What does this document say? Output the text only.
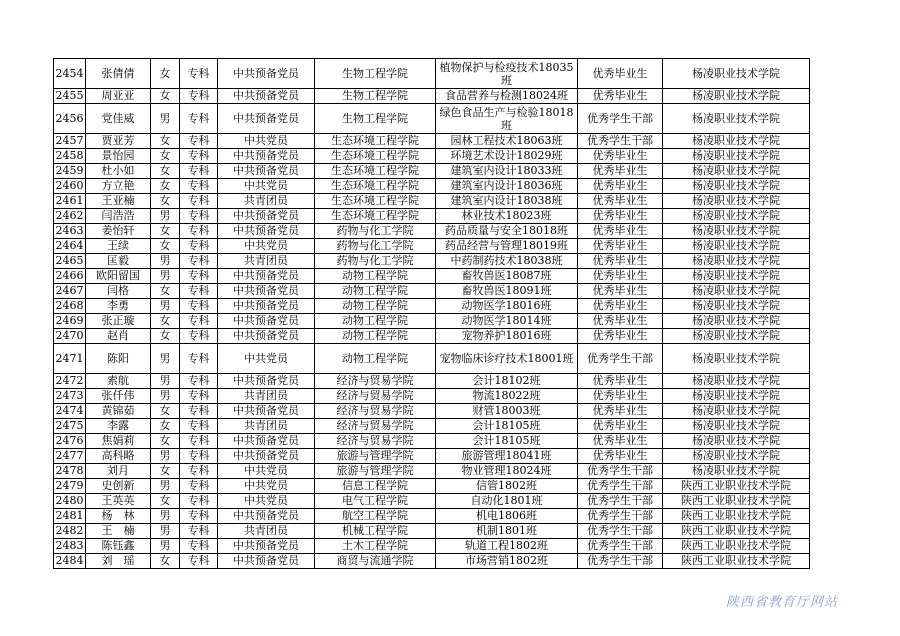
2454	张倩倩	女	专科	中共预备党员	生物工程学院	植物保护与检疫技术18035班	优秀毕业生	杨凌职业技术学院
2455	周亚亚	女	专科	中共预备党员	生物工程学院	食品营养与检测18024班	优秀毕业生	杨凌职业技术学院
2456	党佳威	男	专科	中共预备党员	生物工程学院	绿色食品生产与检验18018班	优秀学生干部	杨凌职业技术学院
2457	贾亚芳	女	专科	中共党员	生态环境工程学院	园林工程技术18063班	优秀学生干部	杨凌职业技术学院
2458	景怡园	女	专科	中共预备党员	生态环境工程学院	环境艺术设计18029班	优秀毕业生	杨凌职业技术学院
2459	杜小如	女	专科	中共预备党员	生态环境工程学院	建筑室内设计18033班	优秀毕业生	杨凌职业技术学院
2460	方立艳	女	专科	中共党员	生态环境工程学院	建筑室内设计18036班	优秀毕业生	杨凌职业技术学院
2461	王亚楠	女	专科	共青团员	生态环境工程学院	建筑室内设计18038班	优秀毕业生	杨凌职业技术学院
2462	闫浩浩	男	专科	中共预备党员	生态环境工程学院	林业技术18023班	优秀毕业生	杨凌职业技术学院
2463	姜怡轩	女	专科	中共预备党员	药物与化工学院	药品质量与安全18018班	优秀毕业生	杨凌职业技术学院
2464	王续	女	专科	中共党员	药物与化工学院	药品经营与管理18019班	优秀毕业生	杨凌职业技术学院
2465	匡毅	男	专科	共青团员	药物与化工学院	中药制药技术18038班	优秀毕业生	杨凌职业技术学院
2466	欧阳留国	男	专科	中共预备党员	动物工程学院	畜牧兽医18087班	优秀毕业生	杨凌职业技术学院
2467	闫格	女	专科	中共预备党员	动物工程学院	畜牧兽医18091班	优秀毕业生	杨凌职业技术学院
2468	李勇	男	专科	中共预备党员	动物工程学院	动物医学18016班	优秀毕业生	杨凌职业技术学院
2469	张正璇	女	专科	中共预备党员	动物工程学院	动物医学18014班	优秀毕业生	杨凌职业技术学院
2470	赵肖	女	专科	中共预备党员	动物工程学院	宠物养护18016班	优秀毕业生	杨凌职业技术学院
2471	陈阳	男	专科	中共党员	动物工程学院	宠物临床诊疗技术18001班	优秀学生干部	杨凌职业技术学院
2472	索航	男	专科	中共预备党员	经济与贸易学院	会计18102班	优秀毕业生	杨凌职业技术学院
2473	张仟伟	男	专科	共青团员	经济与贸易学院	物流18022班	优秀毕业生	杨凌职业技术学院
2474	黄锦茹	女	专科	中共预备党员	经济与贸易学院	财管18003班	优秀毕业生	杨凌职业技术学院
2475	李露	女	专科	共青团员	经济与贸易学院	会计18105班	优秀毕业生	杨凌职业技术学院
2476	焦娟莉	女	专科	中共预备党员	经济与贸易学院	会计18105班	优秀毕业生	杨凌职业技术学院
2477	高科略	男	专科	中共预备党员	旅游与管理学院	旅游管理18041班	优秀毕业生	杨凌职业技术学院
2478	刘月	女	专科	中共党员	旅游与管理学院	物业管理18024班	优秀学生干部	杨凌职业技术学院
2479	史创新	男	专科	中共党员	信息工程学院	信管1802班	优秀学生干部	陕西工业职业技术学院
2480	王英英	女	专科	中共党员	电气工程学院	自动化1801班	优秀学生干部	陕西工业职业技术学院
2481	杨　林	男	专科	中共预备党员	航空工程学院	机电1806班	优秀学生干部	陕西工业职业技术学院
2482	王　楠	男	专科	共青团员	机械工程学院	机制1801班	优秀学生干部	陕西工业职业技术学院
2483	陈钰鑫	男	专科	中共预备党员	土木工程学院	轨道工程1802班	优秀学生干部	陕西工业职业技术学院
2484	刘　瑶	女	专科	中共预备党员	商贸与流通学院	市场营销1802班	优秀学生干部	陕西工业职业技术学院
陕西省教育厅网站
